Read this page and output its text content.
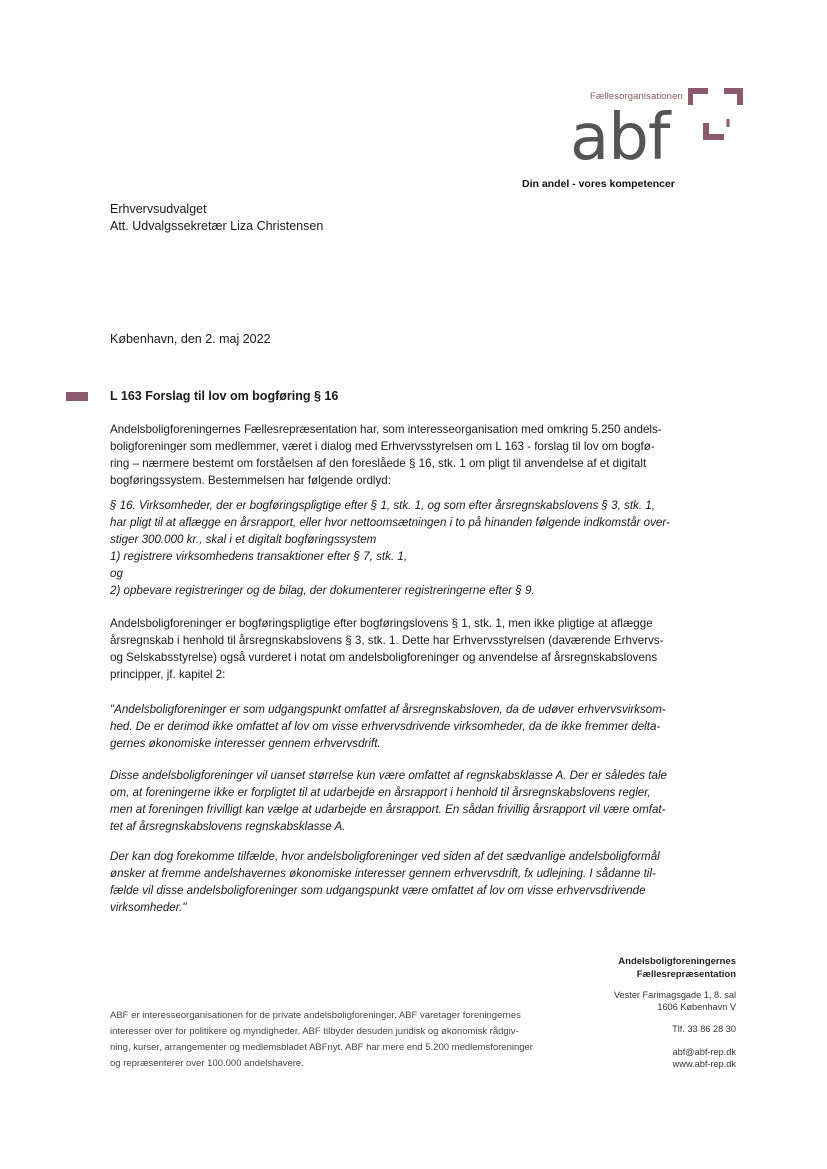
Fællesorganisationen
abf
Din andel - vores kompetencer
Erhvervsudvalget
Att. Udvalgssekretær Liza Christensen
København, den 2. maj 2022
L 163 Forslag til lov om bogføring § 16

Andelsboligforeningernes Fællesrepræsentation har, som interesseorganisation med omkring 5.250 andels-

boligforeninger som medlemmer, været i dialog med Erhvervsstyrelsen om L 163 - forslag til lov om bogfø-

ring – nærmere bestemt om forståelsen af den foreslåede § 16, stk. 1 om pligt til anvendelse af et digitalt

bogføringssystem. Bestemmelsen har følgende ordlyd:

§ 16. Virksomheder, der er bogføringspligtige efter § 1, stk. 1, og som efter årsregnskabslovens § 3, stk. 1,

har pligt til at aflægge en årsrapport, eller hvor nettoomsætningen i to på hinanden følgende indkomstår over-

stiger 300.000 kr., skal i et digitalt bogføringssystem

1) registrere virksomhedens transaktioner efter § 7, stk. 1,

og

2) opbevare registreringer og de bilag, der dokumenterer registreringerne efter § 9.

Andelsboligforeninger er bogføringspligtige efter bogføringslovens § 1, stk. 1, men ikke pligtige at aflægge

årsregnskab i henhold til årsregnskabslovens § 3, stk. 1. Dette har Erhvervsstyrelsen (daværende Erhvervs-

og Selskabsstyrelse) også vurderet i notat om andelsboligforeninger og anvendelse af årsregnskabslovens

principper, jf. kapitel 2:

"Andelsboligforeninger er som udgangspunkt omfattet af årsregnskabsloven, da de udøver erhvervsvirksom-

hed. De er derimod ikke omfattet af lov om visse erhvervsdrivende virksomheder, da de ikke fremmer delta-

gernes økonomiske interesser gennem erhvervsdrift.

Disse andelsboligforeninger vil uanset størrelse kun være omfattet af regnskabsklasse A. Der er således tale

om, at foreningerne ikke er forpligtet til at udarbejde en årsrapport i henhold til årsregnskabslovens regler,

men at foreningen frivilligt kan vælge at udarbejde en årsrapport. En sådan frivillig årsrapport vil være omfat-

tet af årsregnskabslovens regnskabsklasse A.

Der kan dog forekomme tilfælde, hvor andelsboligforeninger ved siden af det sædvanlige andelsboligformål

ønsker at fremme andelshavernes økonomiske interesser gennem erhvervsdrift, fx udlejning. I sådanne til-

fælde vil disse andelsboligforeninger som udgangspunkt være omfattet af lov om visse erhvervsdrivende

virksomheder."

Andelsboligforeningernes
Fællesrepræsentation
Vester Farimagsgade 1, 8. sal
1606 København V
Tlf. 33 86 28 30
abf@abf-rep.dk
www.abf-rep.dk
ABF er interesseorganisationen for de private andelsboligforeninger. ABF varetager foreningernes
interesser over for politikere og myndigheder. ABF tilbyder desuden juridisk og økonomisk rådgiv-
ning, kurser, arrangementer og medlemsbladet ABFnyt. ABF har mere end 5.200 medlemsforeninger
og repræsenterer over 100.000 andelshavere.
